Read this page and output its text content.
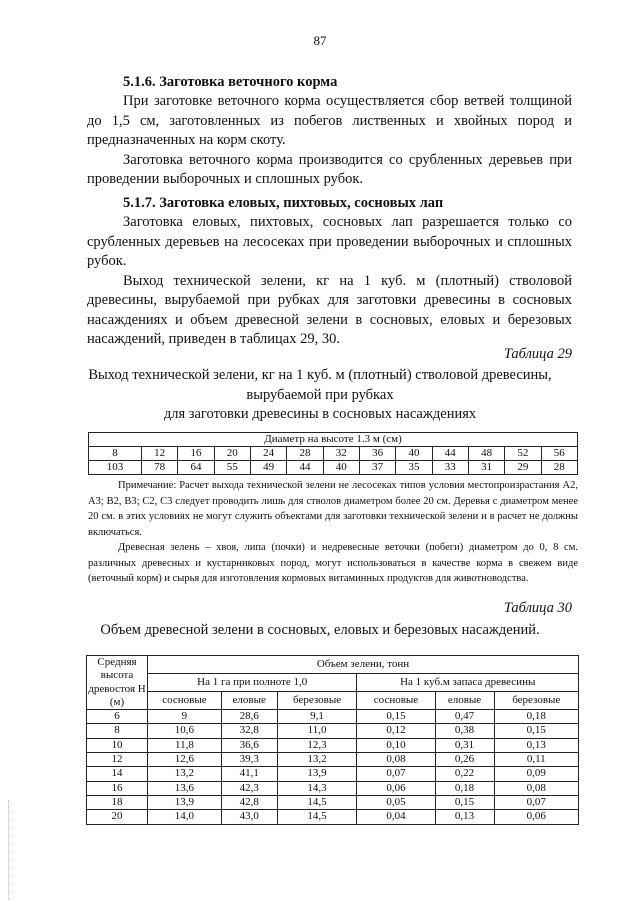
87
5.1.6. Заготовка веточного корма

При заготовке веточного корма осуществляется сбор ветвей толщиной до 1,5 см, заготовленных из побегов лиственных и хвойных пород и предназначенных на корм скоту.

Заготовка веточного корма производится со срубленных деревьев при проведении выборочных и сплошных рубок.

5.1.7. Заготовка еловых, пихтовых, сосновых лап

Заготовка еловых, пихтовых, сосновых лап разрешается только со срубленных деревьев на лесосеках при проведении выборочных и сплошных рубок.

Выход технической зелени, кг на 1 куб. м (плотный) стволовой древесины, вырубаемой при рубках для заготовки древесины в сосновых насаждениях и объем древесной зелени в сосновых, еловых и березовых насаждений, приведен в таблицах 29, 30.

Таблица 29
Выход технической зелени, кг на 1 куб. м (плотный) стволовой древесины,
вырубаемой при рубках
для заготовки древесины в сосновых насаждениях
Диаметр на высоте 1.3 м (см)												
8	12	16	20	24	28	32	36	40	44	48	52	56
103	78	64	55	49	44	40	37	35	33	31	29	28

Примечание: Расчет выхода технической зелени не лесосеках типов условия местопроизрастания А2, А3; В2, В3; С2, С3 следует проводить лишь для стволов диаметром более 20 см. Деревья с диаметром менее 20 см. в этих условиях не могут служить объектами для заготовки технической зелени и в расчет не должны включаться.

Древесная зелень – хвоя, липа (почки) и недревесные веточки (побеги) диаметром до 0, 8 см. различных древесных и кустарниковых пород, могут использоваться в качестве корма в свежем виде (веточный корм) и сырья для изготовления кормовых витаминных продуктов для животноводства.

Таблица 30
Объем древесной зелени в сосновых, еловых и березовых насаждений.
Средняя высота древостоя Н (м)	Объем зелени, тонн					
	На 1 га при полноте 1,0			На 1 куб.м запаса древесины		
	сосновые	еловые	березовые	сосновые	еловые	березовые
6	9	28,6	9,1	0,15	0,47	0,18
8	10,6	32,8	11,0	0,12	0,38	0,15
10	11,8	36,6	12,3	0,10	0,31	0,13
12	12,6	39,3	13,2	0,08	0,26	0,11
14	13,2	41,1	13,9	0,07	0,22	0,09
16	13,6	42,3	14,3	0,06	0,18	0,08
18	13,9	42,8	14,5	0,05	0,15	0,07
20	14,0	43,0	14,5	0,04	0,13	0,06
